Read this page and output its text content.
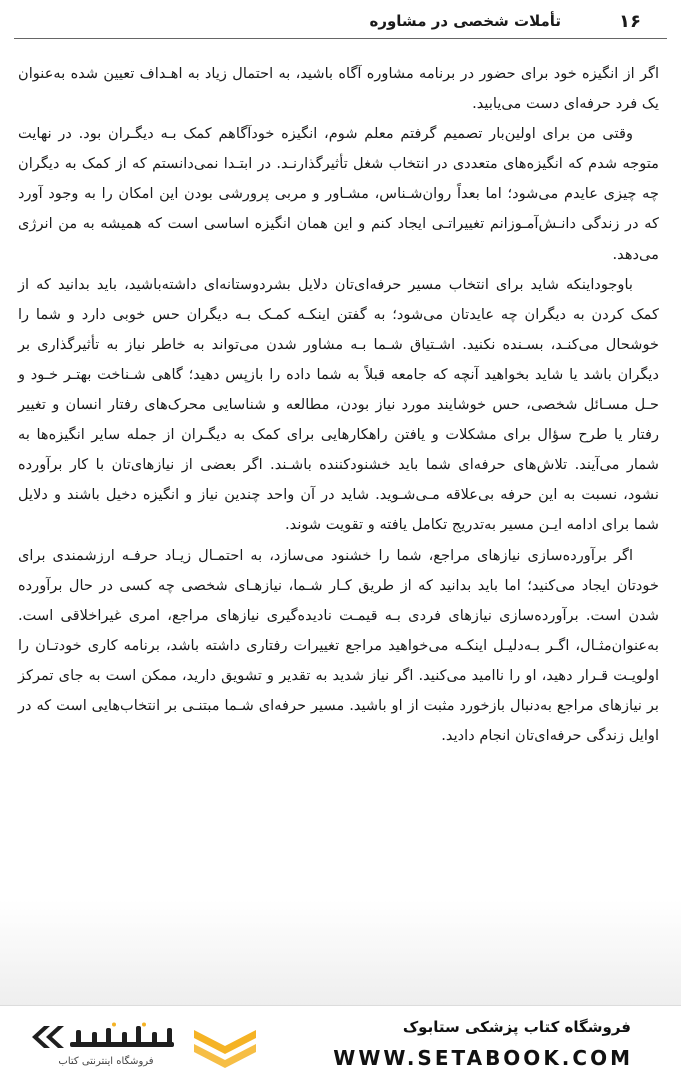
۱۶
تأملات شخصی در مشاوره

اگر از انگیزه خود برای حضور در برنامه مشاوره آگاه باشید، به احتمال زیاد به اهـداف تعیین شده به‌عنوان یک فرد حرفه‌ای دست می‌یابید.

وقتی من برای اولین‌بار تصمیم گرفتم معلم شوم، انگیزه خودآگاهم کمک بـه دیگـران بود. در نهایت متوجه شدم که انگیزه‌های متعددی در انتخاب شغل تأثیرگذارنـد. در ابتـدا نمی‌دانستم که از کمک به دیگران چه چیزی عایدم می‌شود؛ اما بعداً روان‌شـناس، مشـاور و مربی پرورشی بودن این امکان را به وجود آورد که در زندگی دانـش‌آمـوزانم تغییراتـی ایجاد کنم و این همان انگیزه اساسی است که همیشه به من انرژی می‌دهد.

باوجوداینکه شاید برای انتخاب مسیر حرفه‌ای‌تان دلایل بشردوستانه‌ای داشته‌باشید، باید بدانید که از کمک کردن به دیگران چه عایدتان می‌شود؛ به گفتن اینکـه کمـک بـه دیگران حس خوبی دارد و شما را خوشحال می‌کنـد، بسـنده نکنید. اشـتیاق شـما بـه مشاور شدن می‌تواند به خاطر نیاز به تأثیرگذاری بر دیگران باشد یا شاید بخواهید آنچه که جامعه قبلاً به شما داده را بازپس دهید؛ گاهی شـناخت بهتـر خـود و حـل مسـائل شخصی، حس خوشایند مورد نیاز بودن، مطالعه و شناسایی محرک‌های رفتار انسان و تغییر رفتار یا طرح سؤال برای مشکلات و یافتن راهکارهایی برای کمک به دیگـران از جمله سایر انگیزه‌ها به شمار می‌آیند. تلاش‌های حرفه‌ای شما باید خشنودکننده باشـند. اگر بعضی از نیازهای‌تان با کار برآورده نشود، نسبت به این حرفه بی‌علاقه مـی‌شـوید. شاید در آن واحد چندین نیاز و انگیزه دخیل باشند و دلایل شما برای ادامه ایـن مسیر به‌تدریج تکامل یافته و تقویت شوند.

اگر برآورده‌سازی نیازهای مراجع، شما را خشنود می‌سازد، به احتمـال زیـاد حرفـه ارزشمندی برای خودتان ایجاد می‌کنید؛ اما باید بدانید که از طریق کـار شـما، نیازهـای شخصی چه کسی در حال برآورده شدن است. برآورده‌سازی نیازهای فردی بـه قیمـت نادیده‌گیری نیازهای مراجع، امری غیراخلاقی است. به‌عنوان‌مثـال، اگـر بـه‌دلیـل اینکـه می‌خواهید مراجع تغییرات رفتاری داشته باشد، برنامه کاری خودتـان را اولویـت قـرار دهید، او را ناامید می‌کنید. اگر نیاز شدید به تقدیر و تشویق دارید، ممکن است به جای تمرکز بر نیازهای مراجع به‌دنبال بازخورد مثبت از او باشید. مسیر حرفه‌ای شـما مبتنـی بر انتخاب‌هایی است که در اوایل زندگی حرفه‌ای‌تان انجام دادید.

فروشگاه اینترنتی کتاب
فروشگاه کتاب پزشکی ستابوک
WWW.SETABOOK.COM
